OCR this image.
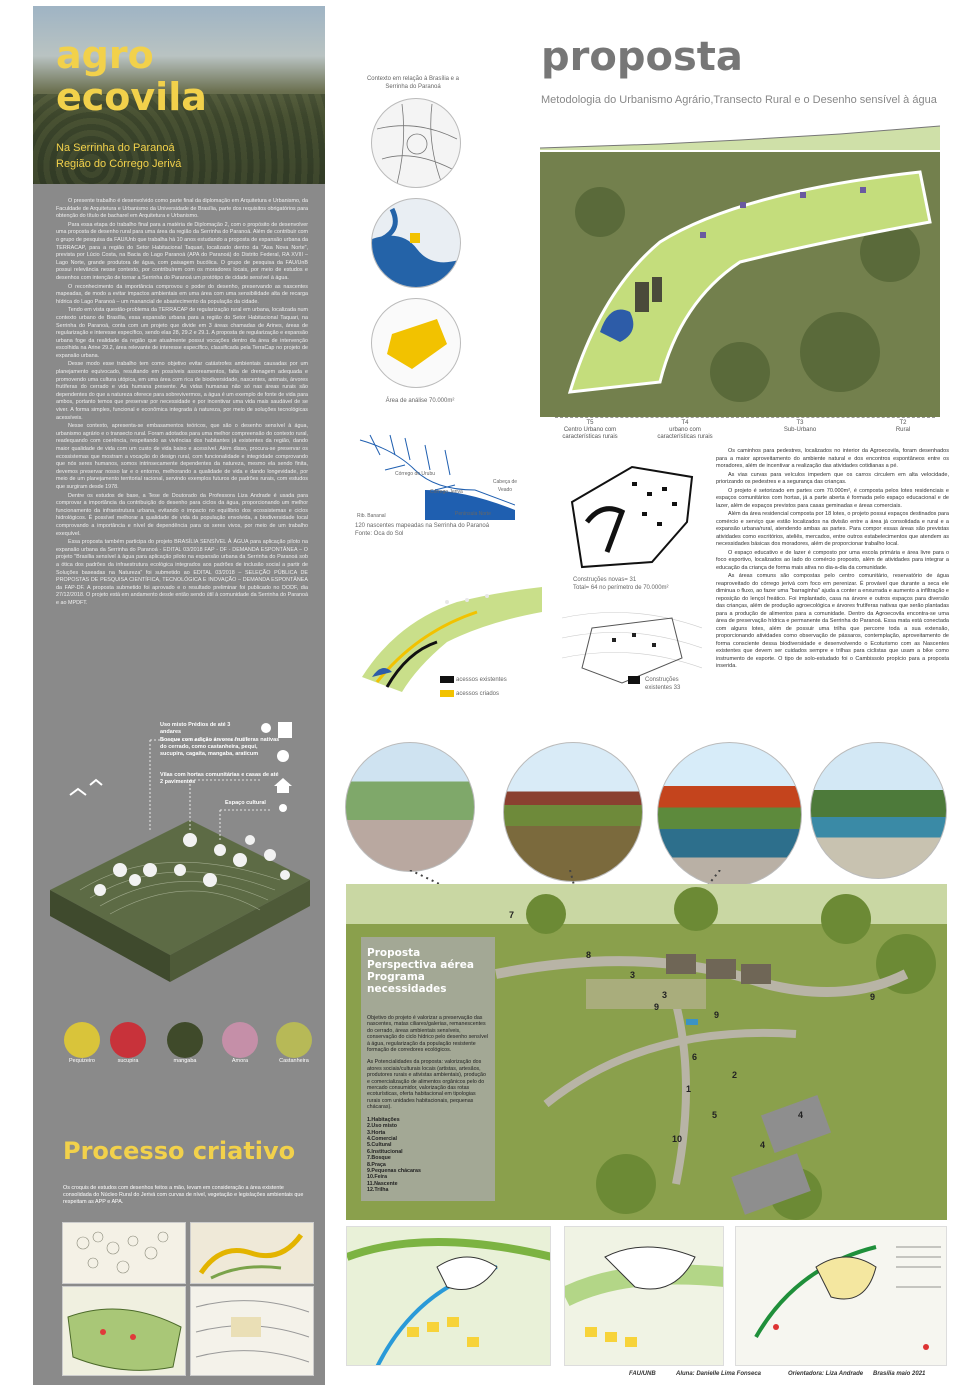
agro
ecovila
Na Serrinha do Paranoá
Região do Córrego Jerivá

O presente trabalho é desenvolvido como parte final da diplomação em Arquitetura e Urbanismo, da Faculdade de Arquitetura e Urbanismo da Universidade de Brasília, parte dos requisitos obrigatórios para obtenção do título de bacharel em Arquitetura e Urbanismo.

Para essa etapa do trabalho final para a matéria de Diplomação 2, com o propósito de desenvolver uma proposta de desenho rural para uma área da região da Serrinha do Paranoá. Além de contribuir com o grupo de pesquisa da FAU/Unb que trabalha há 10 anos estudando a proposta de expansão urbana da TERRACAP, para a região do Setor Habitacional Taquari, localizado dentro da "Asa Nova Norte", prevista por Lúcio Costa, na Bacia do Lago Paranoá (APA do Paranoá) do Distrito Federal, RA XVIII – Lago Norte, grande produtora de água, com paisagem bucólica. O grupo de pesquisa da FAU/UnB possui relevância nesse contexto, por contribuírem com os moradores locais, por meio de estudos e desenhos com intenção de tornar a Serrinha do Paranoá um protótipo de cidade sensível à água.

O reconhecimento da importância comprovou o poder do desenho, preservando as nascentes mapeadas, de modo a evitar impactos ambientais em uma área com uma sensibilidade alta de recarga hídrica do Lago Paranoá – um manancial de abastecimento da população da cidade.

Tendo em vista questão-problema da TERRACAP de regularização rural em urbana, localizada num contexto urbano de Brasília, essa expansão urbana para a região do Setor Habitacional Taquari, na Serrinha do Paranoá, conta com um projeto que divide em 3 áreas chamadas de Arines, áreas de regularização e interesse específico, sendo elas 28, 29.2 e 29.1. A proposta de regularização e expansão urbana foge da realidade da região que atualmente possui vocações dentro da área de intervenção escolhida na Arine 29.2, área relevante de interesse específico, classificada pela TerraCap no projeto de expansão urbana.

Desse modo esse trabalho tem como objetivo evitar catástrofes ambientais causadas por um planejamento equivocado, resultando em possíveis assoreamentos, falta de drenagem adequada e promovendo uma cultura utópica, em uma área com rica de biodiversidade, nascentes, animais, árvores frutíferas do cerrado e vida humana presente. As vidas humanas não só nas áreas rurais são dependentes do que a natureza oferece para sobrevivermos, a água é um exemplo de fonte de vida para ambos, portanto temos que preservar por necessidade e por incentivar uma vida mais saudável de se viver. A forma simples, funcional e econômica integrada à natureza, por meio de soluções tecnológicas acessíveis.

Nesse contexto, apresenta-se embasamentos teóricos, que são o desenho sensível à água, urbanismo agrário e o transecto rural. Foram adotados para uma melhor compreensão do contexto rural, readequando com coerência, respeitando as vivências dos habitantes já existentes da região, dando maior qualidade de vida com um custo de vida baixo e acessível. Além disso, procura-se preservar os ecossistemas que mostram a vocação do design rural, com funcionalidade e integridade comprovando que nós seres humanos, somos intrinsecamente dependentes da natureza, mesmo ela sendo finita, devemos preservar nosso lar e o entorno, melhorando a qualidade de vida e dando longevidade, por meio de um planejamento territorial racional, servindo exemplos futuros de padrões rurais, com estudos que surgiram desde 1978.

Dentre os estudos de base, a Tese de Doutorado da Professora Liza Andrade é usada para comprovar a importância da contribuição do desenho para ciclos da água, proporcionando um melhor funcionamento da infraestrutura urbana, evitando o impacto no equilíbrio dos ecossistemas e ciclos hidrológicos. É possível melhorar a qualidade de vida da população envolvida, a biodiversidade local comprovando a importância e nível de dependência para os seres vivos, por meio de um trabalho exequível.

Essa proposta também participa do projeto BRASÍLIA SENSÍVEL À ÁGUA para aplicação piloto na expansão urbana da Serrinha do Paranoá - EDITAL 03/2018 FAP - DF - DEMANDA ESPONTÂNEA – O projeto "Brasília sensível à água para aplicação piloto na expansão urbana da Serrinha do Paranoá sob a ótica dos padrões da infraestrutura ecológica integrados aos padrões de inclusão social a partir de Soluções baseadas na Natureza" foi submetido ao EDITAL 03/2018 – SELEÇÃO PÚBLICA DE PROPOSTAS DE PESQUISA CIENTÍFICA, TECNOLÓGICA E INOVAÇÃO – DEMANDA ESPONTÂNEA da FAP-DF. A proposta submetido foi aprovado e o resultado preliminar foi publicado no DODF, dia 27/12/2018. O projeto está em andamento desde então sendo útil à comunidade da Serrinha do Paranoá e ao MPDFT.

Uso misto Prédios de até 3 andares
Bosque com adição árvores frutíferas nativas do cerrado, como castanheira, pequi, sucupira, cagaita, mangaba, araticum
Vilas com hortas comunitárias e casas de até 2 pavimentos
Espaço cultural
Pequizeiro	sucupira	mangaba	Amora	Castanheira
Processo criativo
Os croquis de estudos com desenhos feitos a mão, levam em consideração a área existente consolidada do Núcleo Rural do Jerivá com curvas de nível, vegetação e legislações ambientais que respeitam as APP e APA.
proposta
Metodologia do Urbanismo Agrário,Transecto Rural e o Desenho sensível à água
Contexto em relação à Brasília e a Serrinha do Paranoá
Área de análise 70.000m²
T5
Centro Urbano com características rurais
T4
urbano com características rurais
T3
Sub-Urbano
T2
Rural
Rib. Bananal
Córrego Jerivá
Córrego do Urubu
Península Norte
Cabeça de Veado
120 nascentes mapeadas na Serrinha do Paranoá
Fonte: Oca do Sol
Construções novas= 31
Total= 64 no perímetro de 70.000m²
Construções
existentes 33
acessos existentes
acessos criados

Os caminhos para pedestres, localizados no interior da Agroecovila, foram desenhados para a maior aproveitamento do ambiente natural e dos encontros espontâneos entre os moradores, além de incentivar a realização das atividades cotidianas a pé.

As vias curvas para veículos impedem que os carros circulem em alta velocidade, priorizando os pedestres e a segurança das crianças.

O projeto é setorizado em partes com 70.000m², é composta pelos lotes residenciais e espaços comunitários com hortas, já a parte aberta é formada pelo espaço educacional e de lazer, além de espaços previstos para casas geminadas e áreas comerciais.

Além da área residencial composta por 18 lotes, o projeto possui espaços destinados para comércio e serviço que estão localizados na divisão entre a área já consolidada e rural e a expansão urbana/rural, atendendo ambas as partes. Para compor essas áreas são previstas atividades como escritórios, ateliês, mercados, entre outros estabelecimentos que atendem as necessidades básicas dos moradores, além de proporcionar trabalho local.

O espaço educativo e de lazer é composto por uma escola primária e área livre para o foco esportivo, localizados ao lado do comércio proposto, além de atividades para integrar a educação da criança de forma mais ativa no dia-a-dia da comunidade.

As áreas comuns são compostas pelo centro comunitário, reservatório de água reaproveitado do córrego jerivá com foco em perenizar. É provável que durante a seca ele diminua o fluxo, ao fazer uma "barraginha" ajuda a conter a enxurrada e aumento a infiltração e reposição do lençol freático. Foi implantado, casa na árvore e outros espaços para diversão das crianças, além de produção agroecológica e árvores frutíferas nativas que serão plantadas para a produção de alimentos para a comunidade. Dentro da Agroecovila encontra-se uma área de preservação hídrica e permanente da Serrinha do Paranoá. Essa mata está conectada com alguns lotes, além de possuir uma trilha que percorre toda a sua extensão, proporcionando atividades como observação de pássaros, contemplação, aproveitamento de forma consciente dessa biodiversidade e desenvolvendo o Ecoturismo com as Nascentes existentes que devem ser cuidados sempre e trilhas para ciclistas que usam a bike como instrumento de esporte. O tipo de solo-estudado foi o Cambissolo propício para a proposta inserida.

7
8
3
3
9
9
9
5	4
4
10
6
2
1
Proposta
Perspectiva aérea
Programa
necessidades
Objetivo do projeto é valorizar a preservação das nascentes, matas ciliares/galerias, remanescentes do cerrado, áreas ambientais sensíveis, conservação do ciclo hídrico pelo desenho sensível à água, regularização da população resistente formação de corredores ecológicos.
As Potencialidades da proposta: valorização dos atores sociais/culturais locais (artistas, artesãos, produtores rurais e ativistas ambientais), produção e comercialização de alimentos orgânicos pelo do mercado consumidor, valorização das rotas ecoturísticas, oferta habitacional em tipologias rurais com unidades habitacionais, pequenas chácaras).
1.Habitações
2.Uso misto
3.Horta
4.Comercial
5.Cultural
6.Institucional
7.Bosque
8.Praça
9.Pequenas chácaras
10.Feira
11.Nascente
12.Trilha
FAU/UNB	Aluna: Danielle Lima Fonseca	Orientadora: Liza Andrade Brasília maio 2021
